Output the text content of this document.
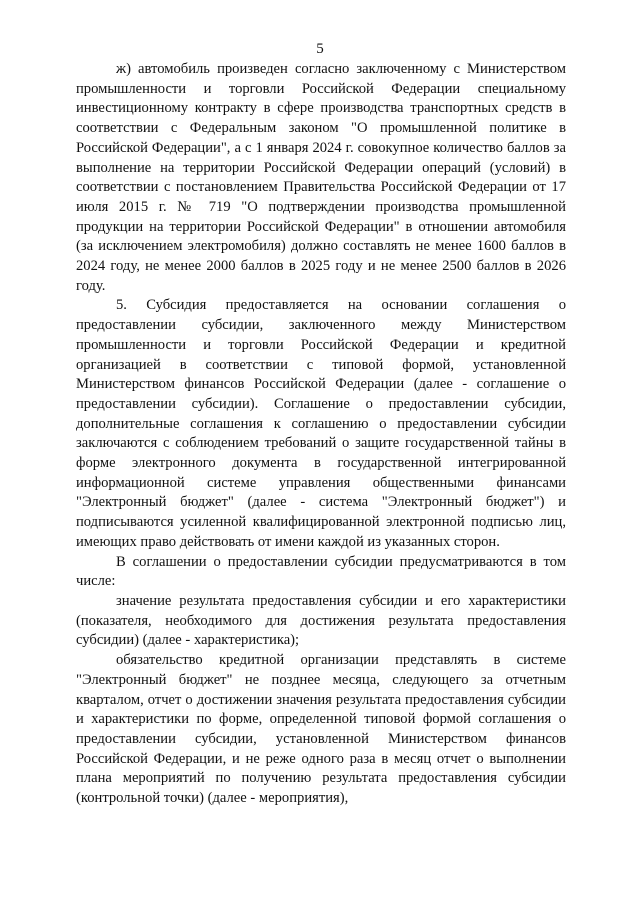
5

ж) автомобиль произведен согласно заключенному с Министерством промышленности и торговли Российской Федерации специальному инвестиционному контракту в сфере производства транспортных средств в соответствии с Федеральным законом "О промышленной политике в Российской Федерации", а с 1 января 2024 г. совокупное количество баллов за выполнение на территории Российской Федерации операций (условий) в соответствии с постановлением Правительства Российской Федерации от 17 июля 2015 г. № 719 "О подтверждении производства промышленной продукции на территории Российской Федерации" в отношении автомобиля (за исключением электромобиля) должно составлять не менее 1600 баллов в 2024 году, не менее 2000 баллов в 2025 году и не менее 2500 баллов в 2026 году.

5. Субсидия предоставляется на основании соглашения о предоставлении субсидии, заключенного между Министерством промышленности и торговли Российской Федерации и кредитной организацией в соответствии с типовой формой, установленной Министерством финансов Российской Федерации (далее - соглашение о предоставлении субсидии). Соглашение о предоставлении субсидии, дополнительные соглашения к соглашению о предоставлении субсидии заключаются с соблюдением требований о защите государственной тайны в форме электронного документа в государственной интегрированной информационной системе управления общественными финансами "Электронный бюджет" (далее - система "Электронный бюджет") и подписываются усиленной квалифицированной электронной подписью лиц, имеющих право действовать от имени каждой из указанных сторон.

В соглашении о предоставлении субсидии предусматриваются в том числе:

значение результата предоставления субсидии и его характеристики (показателя, необходимого для достижения результата предоставления субсидии) (далее - характеристика);

обязательство кредитной организации представлять в системе "Электронный бюджет" не позднее месяца, следующего за отчетным кварталом, отчет о достижении значения результата предоставления субсидии и характеристики по форме, определенной типовой формой соглашения о предоставлении субсидии, установленной Министерством финансов Российской Федерации, и не реже одного раза в месяц отчет о выполнении плана мероприятий по получению результата предоставления субсидии (контрольной точки) (далее - мероприятия),
